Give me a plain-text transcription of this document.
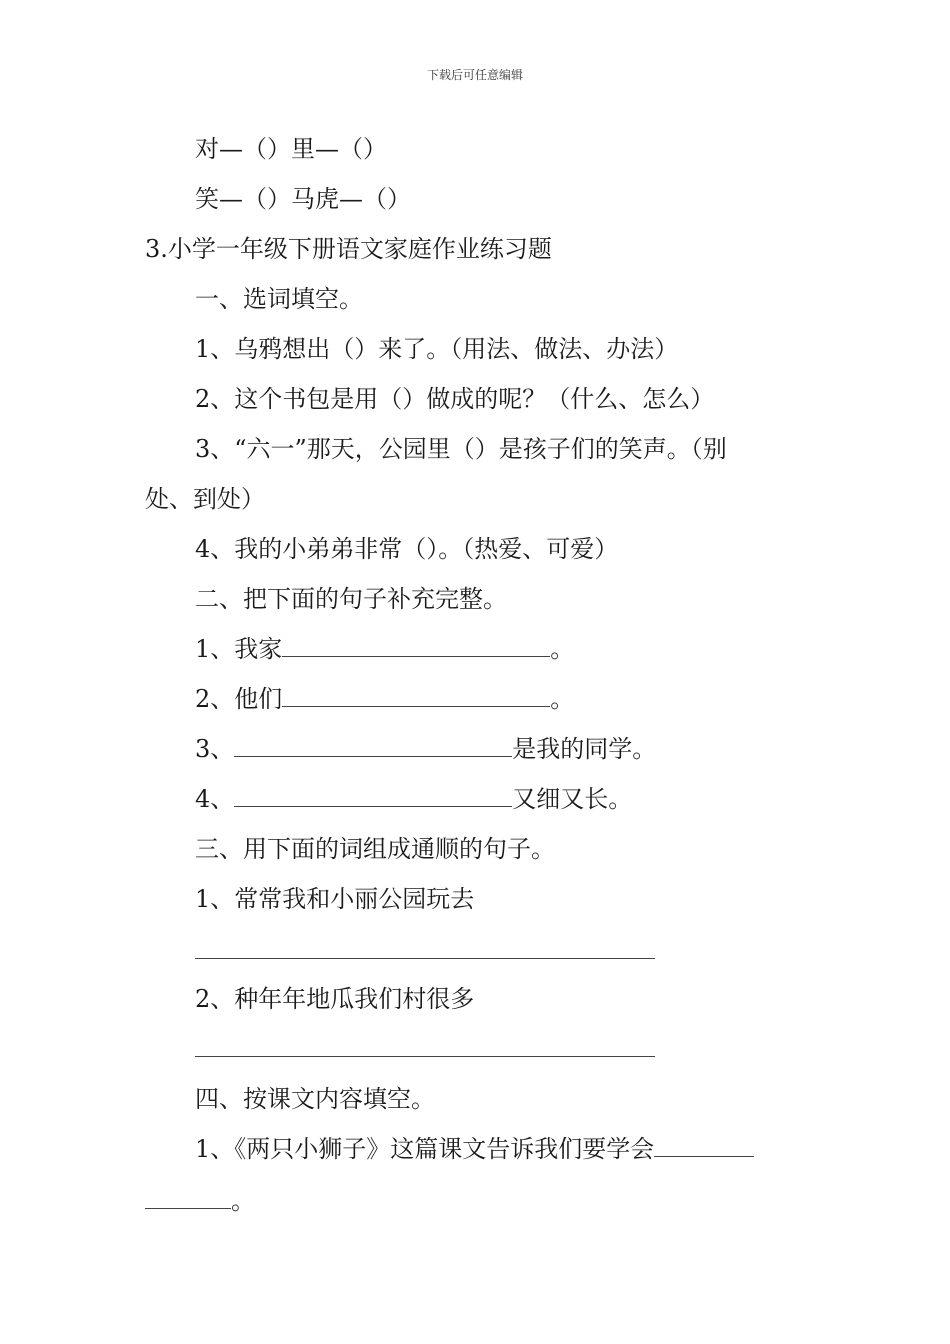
下载后可任意编辑
对—（）里—（）
笑—（）马虎—（）
3.小学一年级下册语文家庭作业练习题
一、选词填空。
1、乌鸦想出（）来了。（用法、做法、办法）
2、这个书包是用（）做成的呢？（什么、怎么）
3、“六一”那天，公园里（）是孩子们的笑声。（别
处、到处）
4、我的小弟弟非常（）。（热爱、可爱）
二、把下面的句子补充完整。
1、我家	。
2、他们	。
3、	是我的同学。
4、	又细又长。
三、用下面的词组成通顺的句子。
1、常常我和小丽公园玩去
2、种年年地瓜我们村很多
四、按课文内容填空。
1、《两只小狮子》这篇课文告诉我们要学会
。
